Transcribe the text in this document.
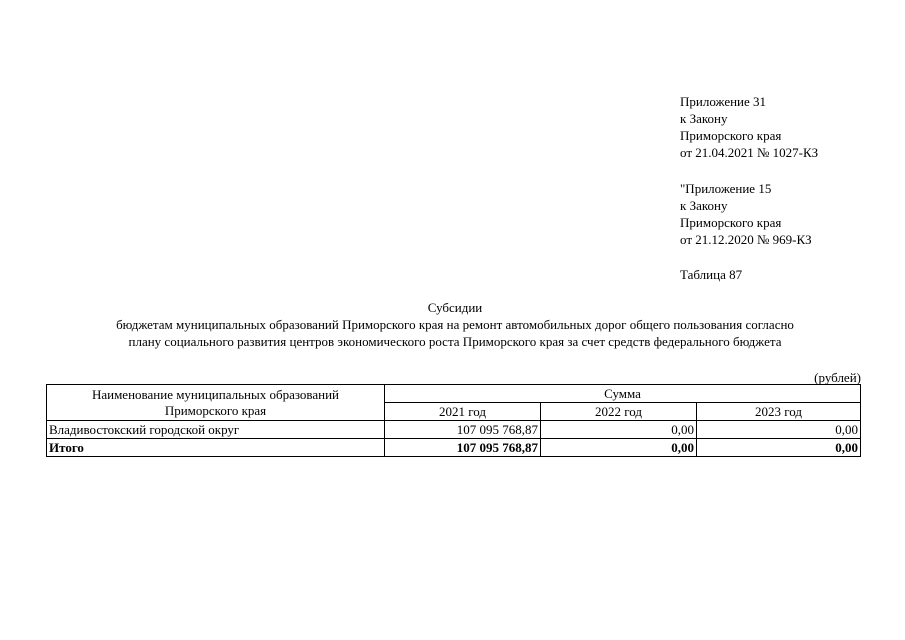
Приложение 31
к Закону
Приморского края
от 21.04.2021 № 1027-КЗ
"Приложение 15
к Закону
Приморского края
от 21.12.2020 № 969-КЗ
Таблица 87
Субсидии
бюджетам муниципальных образований Приморского края на ремонт автомобильных дорог общего пользования согласно
плану социального развития центров экономического роста Приморского края за счет средств федерального бюджета
(рублей)
Наименование муниципальных образований
Приморского края	Сумма		
	2021 год	2022 год	2023 год
Владивостокский городской округ	107 095 768,87	0,00	0,00
Итого	107 095 768,87	0,00	0,00
